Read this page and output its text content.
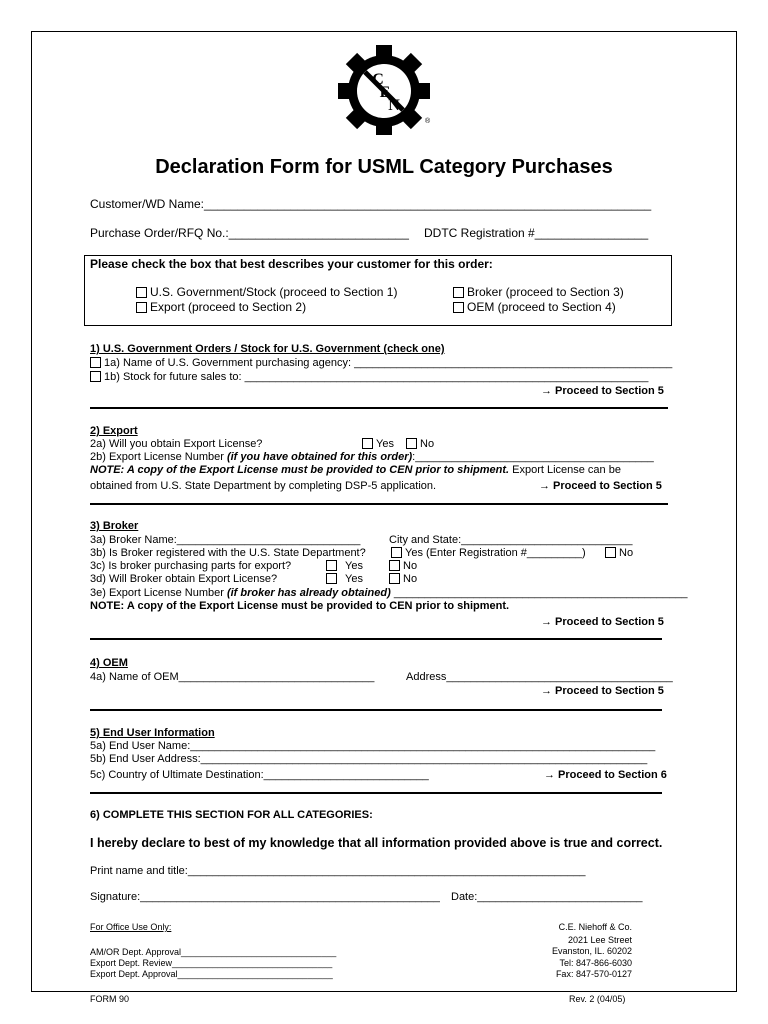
C
E
N
®
Declaration Form for USML Category Purchases
Customer/WD Name:___________________________________________________________________
Purchase Order/RFQ No.:___________________________ DDTC Registration #_________________
Please check the box that best describes your customer for this order:
U.S. Government/Stock (proceed to Section 1)
Export (proceed to Section 2)
Broker (proceed to Section 3)
OEM (proceed to Section 4)
1) U.S. Government Orders / Stock for U.S. Government (check one)
1a) Name of U.S. Government purchasing agency: ____________________________________________________
1b) Stock for future sales to: __________________________________________________________________
→ Proceed to Section 5
2) Export
2a) Will you obtain Export License?	Yes	No
2b) Export License Number (if you have obtained for this order):_______________________________________
NOTE: A copy of the Export License must be provided to CEN prior to shipment. Export License can be
obtained from U.S. State Department by completing DSP-5 application.	→ Proceed to Section 5
3) Broker
3a) Broker Name:______________________________	City and State:____________________________
3b) Is Broker registered with the U.S. State Department?	Yes (Enter Registration #_________)	No
3c) Is broker purchasing parts for export?	Yes	No
3d) Will Broker obtain Export License?	Yes	No
3e) Export License Number (if broker has already obtained) ________________________________________________
NOTE: A copy of the Export License must be provided to CEN prior to shipment.
→ Proceed to Section 5
4) OEM
4a) Name of OEM________________________________	Address_____________________________________
→ Proceed to Section 5
5) End User Information
5a) End User Name:____________________________________________________________________________
5b) End User Address:_________________________________________________________________________
5c) Country of Ultimate Destination:___________________________	→ Proceed to Section 6
6) COMPLETE THIS SECTION FOR ALL CATEGORIES:
I hereby declare to best of my knowledge that all information provided above is true and correct.
Print name and title:_________________________________________________________________
Signature:_________________________________________________ Date:___________________________
For Office Use Only:
AM/OR Dept. Approval_______________________________
Export Dept. Review________________________________
Export Dept. Approval_______________________________
C.E. Niehoff & Co.
2021 Lee Street
Evanston, IL. 60202
Tel: 847-866-6030
Fax: 847-570-0127
FORM 90	Rev. 2 (04/05)
